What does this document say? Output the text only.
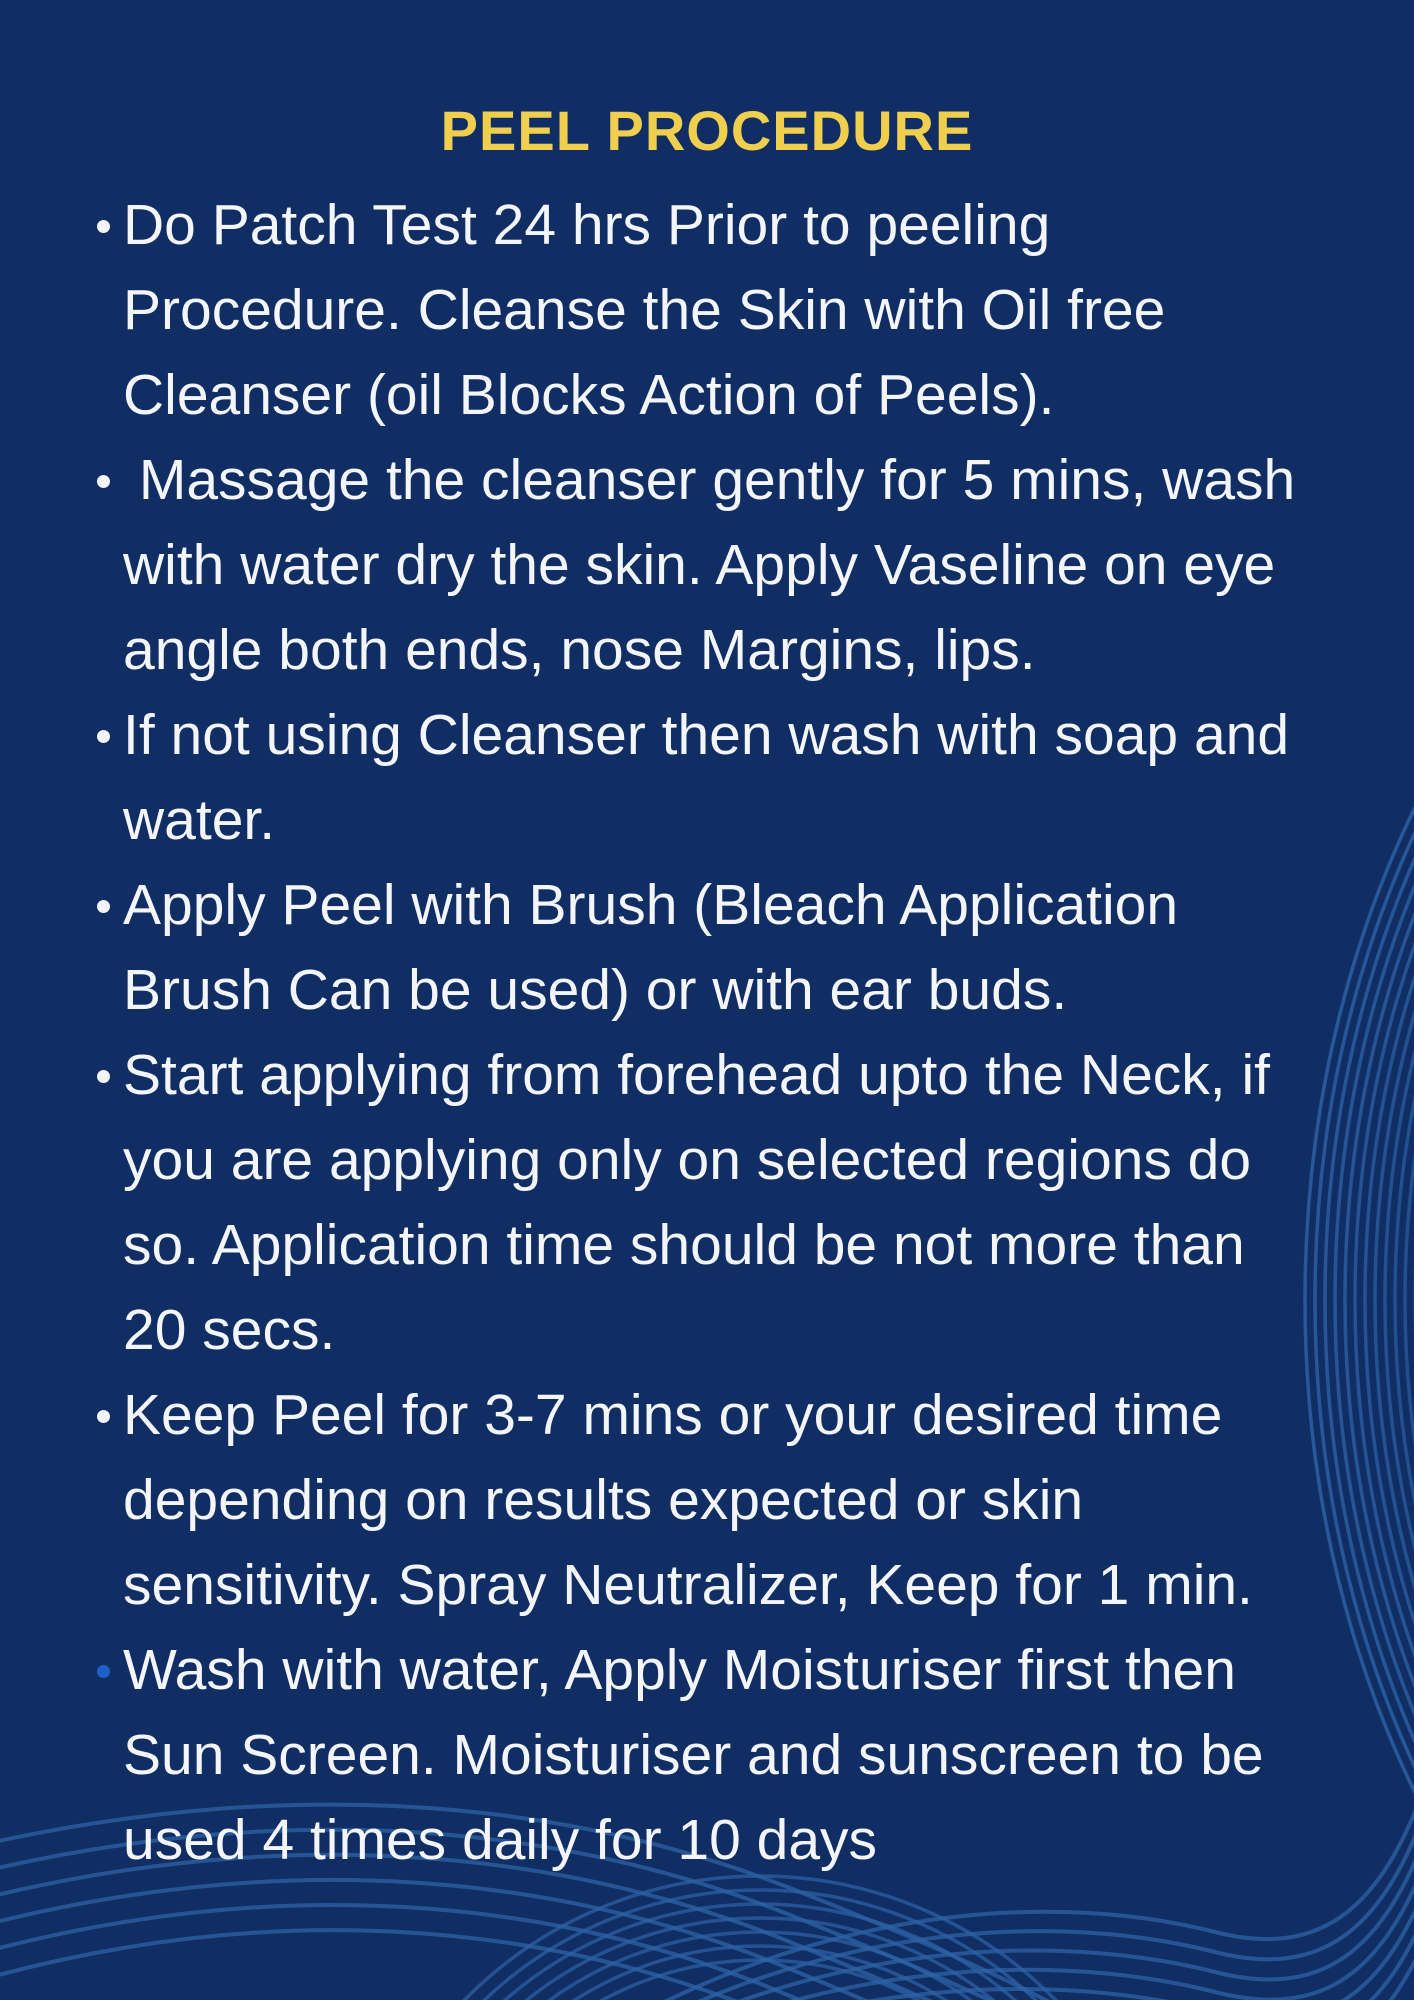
PEEL PROCEDURE
Do Patch Test 24 hrs Prior to peeling
Procedure. Cleanse the Skin with Oil free
Cleanser (oil Blocks Action of Peels).
Massage the cleanser gently for 5 mins, wash
with water dry the skin. Apply Vaseline on eye
angle both ends, nose Margins, lips.
If not using Cleanser then wash with soap and
water.
Apply Peel with Brush (Bleach Application
Brush Can be used) or with ear buds.
Start applying from forehead upto the Neck, if
you are applying only on selected regions do
so. Application time should be not more than
20 secs.
Keep Peel for 3-7 mins or your desired time
depending on results expected or skin
sensitivity. Spray Neutralizer, Keep for 1 min.
Wash with water, Apply Moisturiser first then
Sun Screen. Moisturiser and sunscreen to be
used 4 times daily for 10 days
